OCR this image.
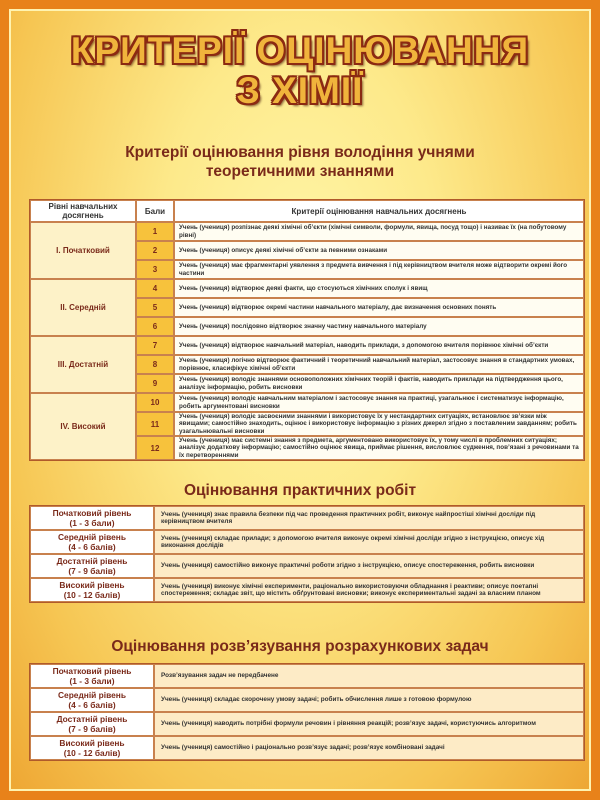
КРИТЕРІЇ ОЦІНЮВАННЯ
З ХІМІЇ
Критерії оцінювання рівня володіння учнями
теоретичними знаннями
Рівні навчальних досягнень	Бали	Критерії оцінювання навчальних досягнень
І. Початковий	1	Учень (учениця) розпізнає деякі хімічні об’єкти (хімічні символи, формули, явища, посуд тощо) і називає їх (на побутовому рівні)
	2	Учень (учениця) описує деякі хімічні об’єкти за певними ознаками
	3	Учень (учениця) має фрагментарні уявлення з предмета вивчення і під керівництвом вчителя може відтворити окремі його частини
ІІ. Середній	4	Учень (учениця) відтворює деякі факти, що стосуються хімічних сполук і явищ
	5	Учень (учениця) відтворює окремі частини навчального матеріалу, дає визначення основних понять
	6	Учень (учениця) послідовно відтворює значну частину навчального матеріалу
ІІІ. Достатній	7	Учень (учениця) відтворює навчальний матеріал, наводить приклади, з допомогою вчителя порівнює хімічні об’єкти
	8	Учень (учениця) логічно відтворює фактичний і теоретичний навчальний матеріал, застосовує знання в стандартних умовах, порівнює, класифікує хімічні об’єкти
	9	Учень (учениця) володіє знаннями основоположних хімічних теорій і фактів, наводить приклади на підтвердження цього, аналізує інформацію, робить висновки
IV. Високий	10	Учень (учениця) володіє навчальним матеріалом і застосовує знання на практиці, узагальнює і систематизує інформацію, робить аргументовані висновки
	11	Учень (учениця) володіє засвоєними знаннями і використовує їх у нестандартних ситуаціях, встановлює зв’язки між явищами; самостійно знаходить, оцінює і використовує інформацію з різних джерел згідно з поставленим завданням; робить узагальнювальні висновки
	12	Учень (учениця) має системні знання з предмета, аргументовано використовує їх, у тому числі в проблемних ситуаціях; аналізує додаткову інформацію; самостійно оцінює явища, приймає рішення, висловлює судження, пов’язані з речовинами та їх перетвореннями
Оцінювання практичних робіт
Початковий рівень
(1 - 3 бали)	Учень (учениця) знає правила безпеки під час проведення практичних робіт, виконує найпростіші хімічні досліди під керівництвом вчителя

Середній рівень
(4 - 6 балів)	Учень (учениця) складає прилади; з допомогою вчителя виконує окремі хімічні досліди згідно з інструкцією, описує хід виконання дослідів

Достатній рівень
(7 - 9 балів)	Учень (учениця) самостійно виконує практичні роботи згідно з інструкцією, описує спостереження, робить висновки

Високий рівень
(10 - 12 балів)	Учень (учениця) виконує хімічні експерименти, раціонально використовуючи обладнання і реактиви; описує поетапні спостереження; складає звіт, що містить обґрунтовані висновки; виконує експериментальні задачі за власним планом
Оцінювання розв’язування розрахункових задач
Початковий рівень
(1 - 3 бали)	Розв’язування задач не передбачене

Середній рівень
(4 - 6 балів)	Учень (учениця) складає скорочену умову задачі; робить обчислення лише з готовою формулою

Достатній рівень
(7 - 9 балів)	Учень (учениця) наводить потрібні формули речовин і рівняння реакцій; розв’язує задачі, користуючись алгоритмом

Високий рівень
(10 - 12 балів)	Учень (учениця) самостійно і раціонально розв’язує задачі; розв’язує комбіновані задачі
